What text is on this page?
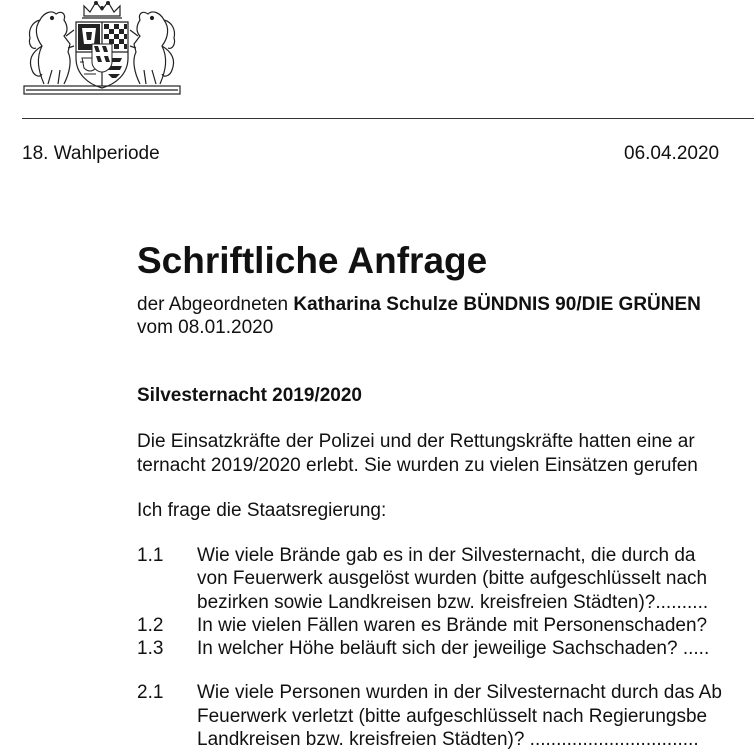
18. Wahlperiode	06.04.2020
Schriftliche Anfrage
der Abgeordneten Katharina Schulze BÜNDNIS 90/DIE GRÜNEN
vom 08.01.2020
Silvesternacht 2019/2020
Die Einsatzkräfte der Polizei und der Rettungskräfte hatten eine ar
ternacht 2019/2020 erlebt. Sie wurden zu vielen Einsätzen gerufen
Ich frage die Staatsregierung:
1.1 Wie viele Brände gab es in der Silvesternacht, die durch da
von Feuerwerk ausgelöst wurden (bitte aufgeschlüsselt nach
bezirken sowie Landkreisen bzw. kreisfreien Städten)?..........
1.2 In wie vielen Fällen waren es Brände mit Personenschaden?
1.3 In welcher Höhe beläuft sich der jeweilige Sachschaden? .....
2.1 Wie viele Personen wurden in der Silvesternacht durch das Ab
Feuerwerk verletzt (bitte aufgeschlüsselt nach Regierungsbe
Landkreisen bzw. kreisfreien Städten)? ................................
